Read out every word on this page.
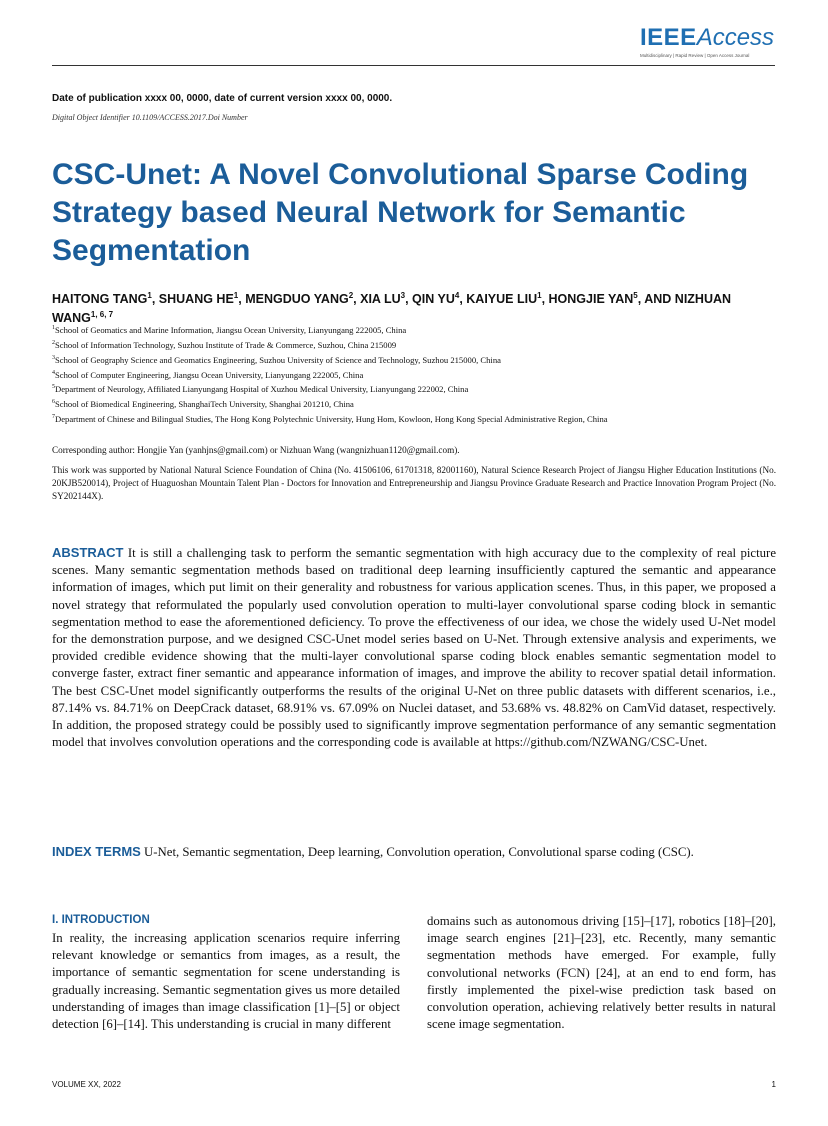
IEEEAccess
Multidisciplinary | Rapid Review | Open Access Journal
Date of publication xxxx 00, 0000, date of current version xxxx 00, 0000.
Digital Object Identifier 10.1109/ACCESS.2017.Doi Number
CSC-Unet: A Novel Convolutional Sparse Coding Strategy based Neural Network for Semantic Segmentation
HAITONG TANG$^1$, SHUANG $HE^1$, MENGDUO YANG$^2$, XIA $LU^3$, QIN $YU^4$, KAIYUE LIU$^1$, HONGJIE YAN$^5$, AND NIZHUAN WANG$^{1, 6, 7}$
$^1$School of Geomatics and Marine Information, Jiangsu Ocean University, Lianyungang 222005, China
$^2$School of Information Technology, Suzhou Institute of Trade & Commerce, Suzhou, China 215009
$^3$School of Geography Science and Geomatics Engineering, Suzhou University of Science and Technology, Suzhou 215000, China
$^4$School of Computer Engineering, Jiangsu Ocean University, Lianyungang 222005, China
$^5$Department of Neurology, Affiliated Lianyungang Hospital of Xuzhou Medical University, Lianyungang 222002, China
$^6$School of Biomedical Engineering, ShanghaiTech University, Shanghai 201210, China
$^7$Department of Chinese and Bilingual Studies, The Hong Kong Polytechnic University, Hung Hom, Kowloon, Hong Kong Special Administrative Region, China
Corresponding author: Hongjie Yan (yanhjns@gmail.com) or Nizhuan Wang (wangnizhuan1120@gmail.com).
This work was supported by National Natural Science Foundation of China (No. 41506106, 61701318, 82001160), Natural Science Research Project of Jiangsu Higher Education Institutions (No. 20KJB520014), Project of Huaguoshan Mountain Talent Plan - Doctors for Innovation and Entrepreneurship and Jiangsu Province Graduate Research and Practice Innovation Program Project (No. SY202144X).
ABSTRACT It is still a challenging task to perform the semantic segmentation with high accuracy due to the complexity of real picture scenes. Many semantic segmentation methods based on traditional deep learning insufficiently captured the semantic and appearance information of images, which put limit on their generality and robustness for various application scenes. Thus, in this paper, we proposed a novel strategy that reformulated the popularly used convolution operation to multi-layer convolutional sparse coding block in semantic segmentation method to ease the aforementioned deficiency. To prove the effectiveness of our idea, we chose the widely used U-Net model for the demonstration purpose, and we designed CSC-Unet model series based on U-Net. Through extensive analysis and experiments, we provided credible evidence showing that the multi-layer convolutional sparse coding block enables semantic segmentation model to converge faster, extract finer semantic and appearance information of images, and improve the ability to recover spatial detail information. The best CSC-Unet model significantly outperforms the results of the original U-Net on three public datasets with different scenarios, i.e., 87.14% vs. 84.71% on DeepCrack dataset, 68.91% vs. 67.09% on Nuclei dataset, and 53.68% vs. 48.82% on CamVid dataset, respectively. In addition, the proposed strategy could be possibly used to significantly improve segmentation performance of any semantic segmentation model that involves convolution operations and the corresponding code is available at https://github.com/NZWANG/CSC-Unet.
INDEX TERMS U-Net, Semantic segmentation, Deep learning, Convolution operation, Convolutional sparse coding (CSC).
I. INTRODUCTION

In reality, the increasing application scenarios require inferring relevant knowledge or semantics from images, as a result, the importance of semantic segmentation for scene understanding is gradually increasing. Semantic segmentation gives us more detailed understanding of images than image classification [1]–[5] or object detection [6]–[14]. This understanding is crucial in many different

domains such as autonomous driving [15]–[17], robotics [18]–[20], image search engines [21]–[23], etc. Recently, many semantic segmentation methods have emerged. For example, fully convolutional networks (FCN) [24], at an end to end form, has firstly implemented the pixel-wise prediction task based on convolution operation, achieving relatively better results in natural scene image segmentation.

VOLUME XX, 2022	1
